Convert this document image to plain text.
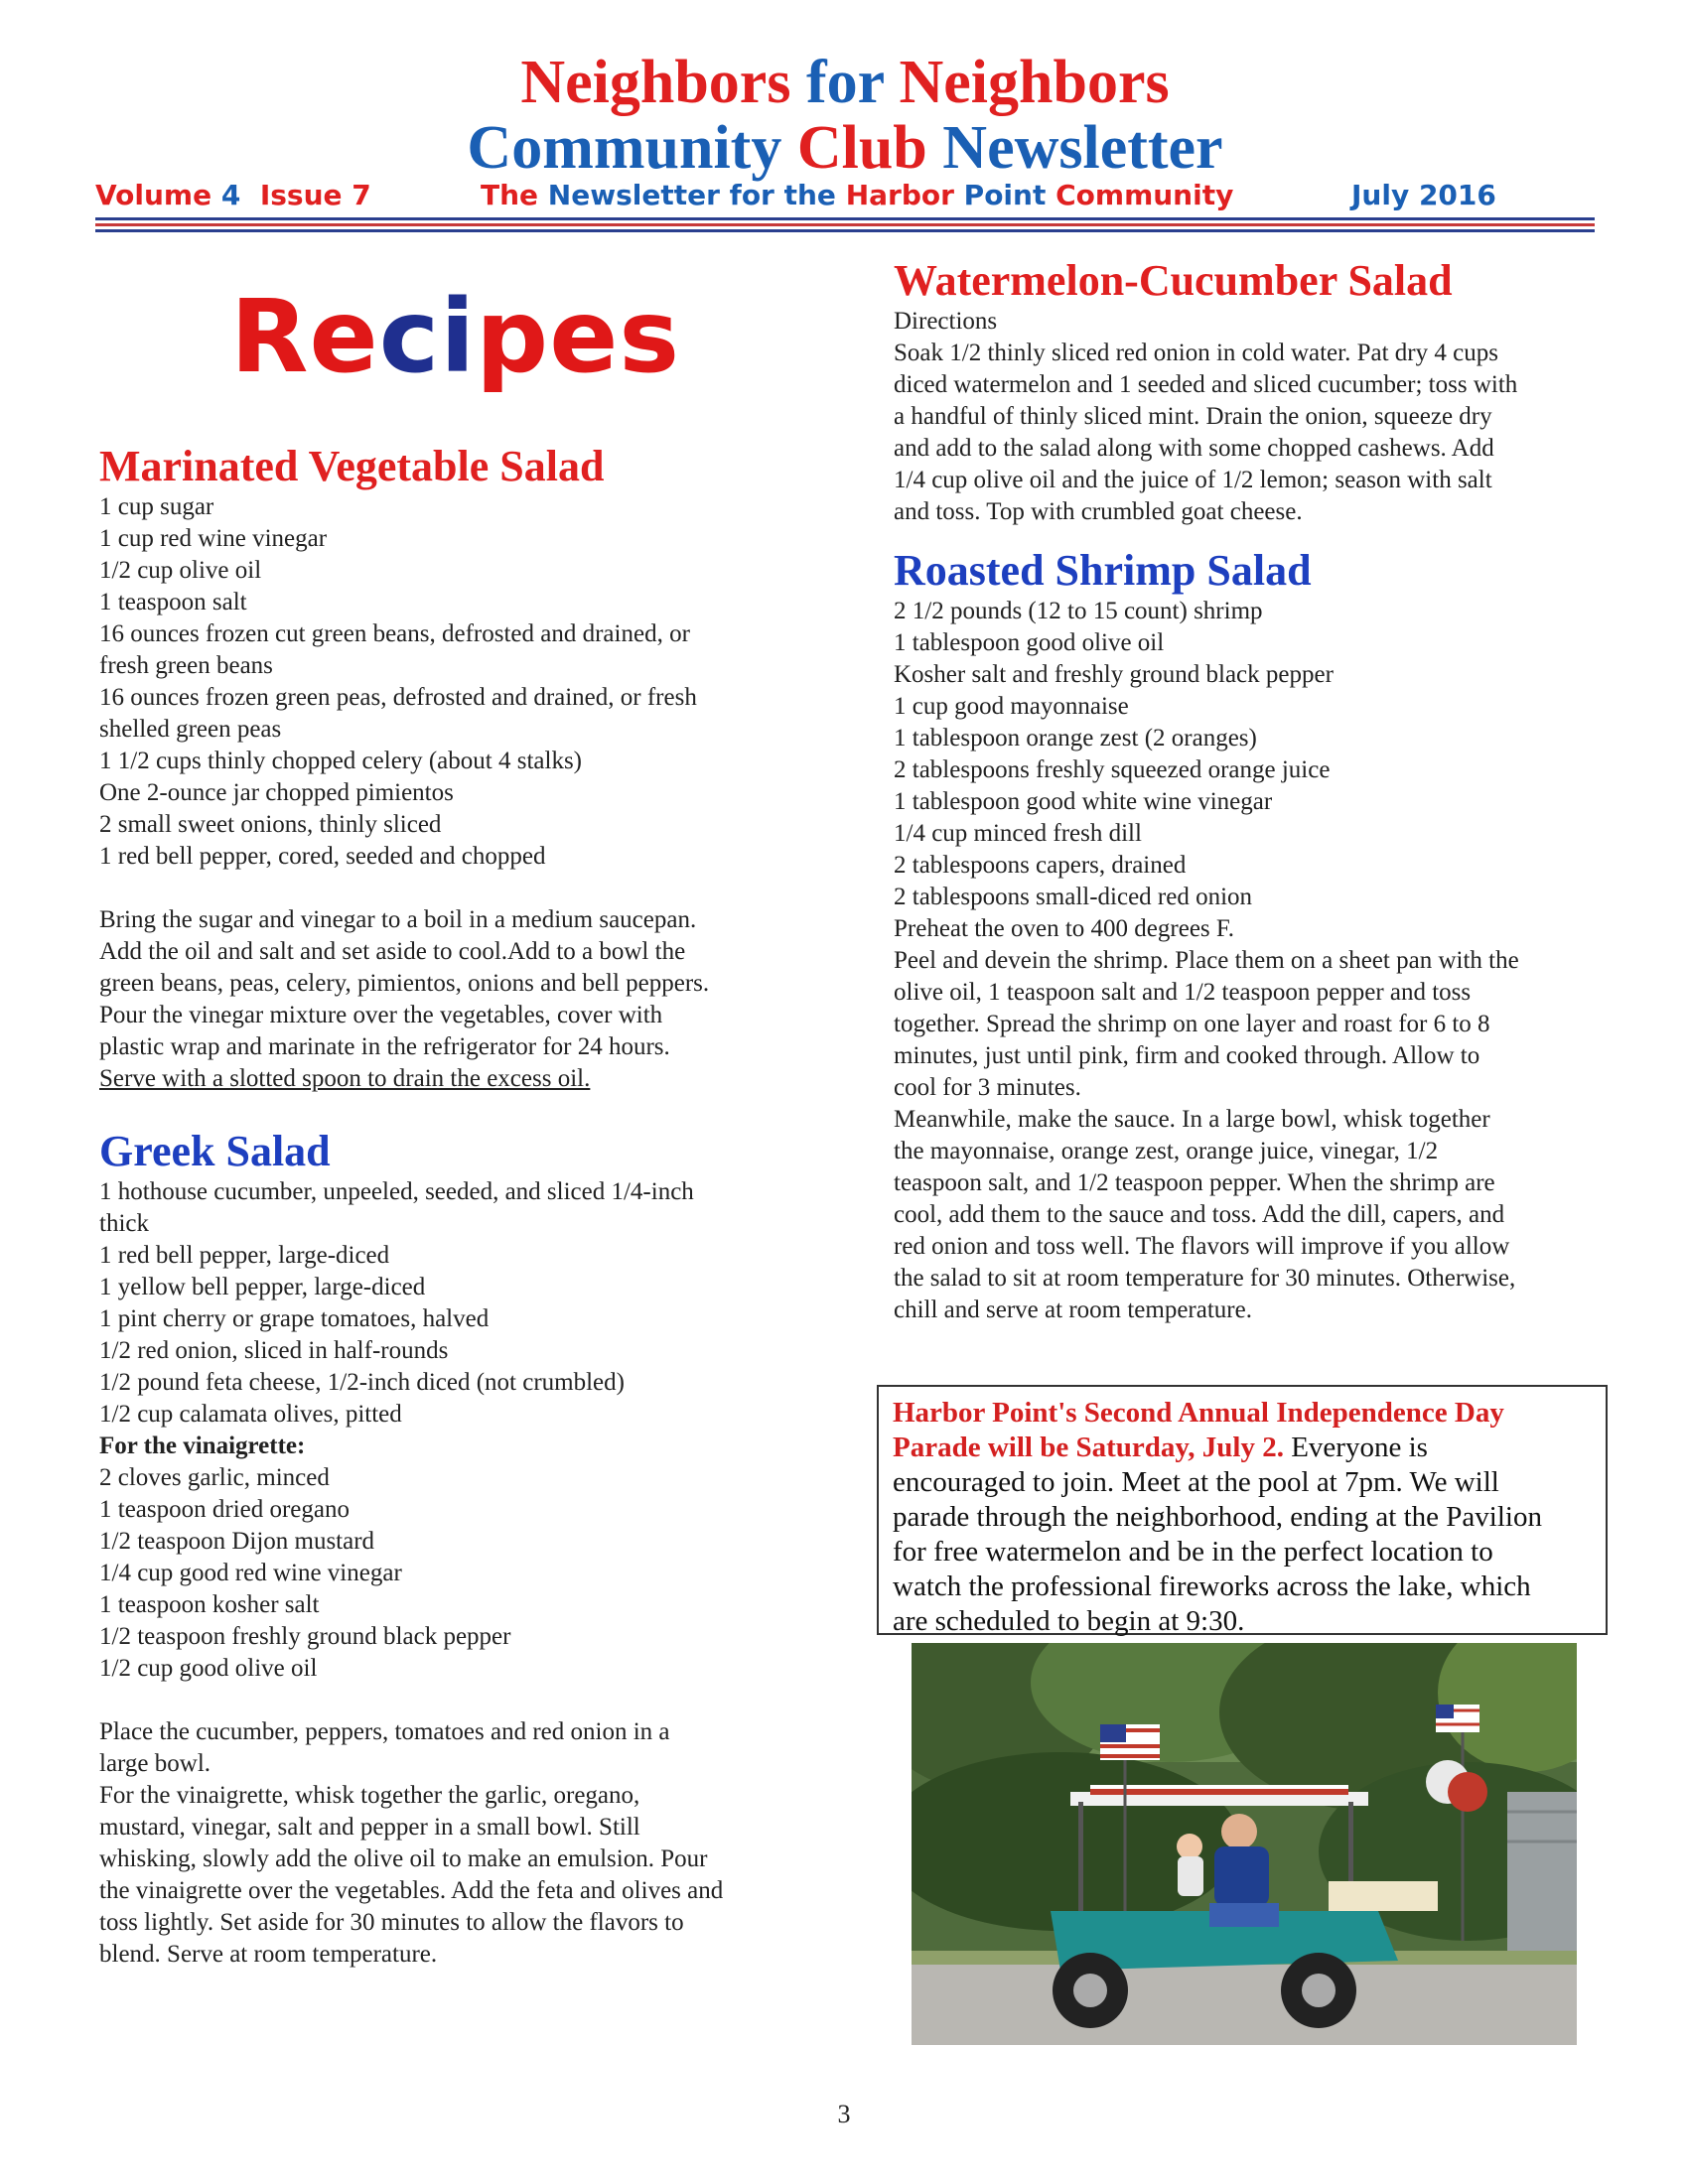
Neighbors for Neighbors
Community Club Newsletter
Volume 4 Issue 7	The Newsletter for the Harbor Point Community	July 2016
Recipes
Marinated Vegetable Salad
1 cup sugar
1 cup red wine vinegar
1/2 cup olive oil
1 teaspoon salt
16 ounces frozen cut green beans, defrosted and drained, or
fresh green beans
16 ounces frozen green peas, defrosted and drained, or fresh
shelled green peas
1 1/2 cups thinly chopped celery (about 4 stalks)
One 2-ounce jar chopped pimientos
2 small sweet onions, thinly sliced
1 red bell pepper, cored, seeded and chopped
Bring the sugar and vinegar to a boil in a medium saucepan.
Add the oil and salt and set aside to cool.Add to a bowl the
green beans, peas, celery, pimientos, onions and bell peppers.
Pour the vinegar mixture over the vegetables, cover with
plastic wrap and marinate in the refrigerator for 24 hours.
Serve with a slotted spoon to drain the excess oil.
Greek Salad
1 hothouse cucumber, unpeeled, seeded, and sliced 1/4-inch
thick
1 red bell pepper, large-diced
1 yellow bell pepper, large-diced
1 pint cherry or grape tomatoes, halved
1/2 red onion, sliced in half-rounds
1/2 pound feta cheese, 1/2-inch diced (not crumbled)
1/2 cup calamata olives, pitted
For the vinaigrette:
2 cloves garlic, minced
1 teaspoon dried oregano
1/2 teaspoon Dijon mustard
1/4 cup good red wine vinegar
1 teaspoon kosher salt
1/2 teaspoon freshly ground black pepper
1/2 cup good olive oil
Place the cucumber, peppers, tomatoes and red onion in a
large bowl.
For the vinaigrette, whisk together the garlic, oregano,
mustard, vinegar, salt and pepper in a small bowl. Still
whisking, slowly add the olive oil to make an emulsion. Pour
the vinaigrette over the vegetables. Add the feta and olives and
toss lightly. Set aside for 30 minutes to allow the flavors to
blend. Serve at room temperature.
Watermelon-Cucumber Salad
Directions
Soak 1/2 thinly sliced red onion in cold water. Pat dry 4 cups
diced watermelon and 1 seeded and sliced cucumber; toss with
a handful of thinly sliced mint. Drain the onion, squeeze dry
and add to the salad along with some chopped cashews. Add
1/4 cup olive oil and the juice of 1/2 lemon; season with salt
and toss. Top with crumbled goat cheese.
Roasted Shrimp Salad
2 1/2 pounds (12 to 15 count) shrimp
1 tablespoon good olive oil
Kosher salt and freshly ground black pepper
1 cup good mayonnaise
1 tablespoon orange zest (2 oranges)
2 tablespoons freshly squeezed orange juice
1 tablespoon good white wine vinegar
1/4 cup minced fresh dill
2 tablespoons capers, drained
2 tablespoons small-diced red onion
Preheat the oven to 400 degrees F.
Peel and devein the shrimp. Place them on a sheet pan with the
olive oil, 1 teaspoon salt and 1/2 teaspoon pepper and toss
together. Spread the shrimp on one layer and roast for 6 to 8
minutes, just until pink, firm and cooked through. Allow to
cool for 3 minutes.
Meanwhile, make the sauce. In a large bowl, whisk together
the mayonnaise, orange zest, orange juice, vinegar, 1/2
teaspoon salt, and 1/2 teaspoon pepper. When the shrimp are
cool, add them to the sauce and toss. Add the dill, capers, and
red onion and toss well. The flavors will improve if you allow
the salad to sit at room temperature for 30 minutes. Otherwise,
chill and serve at room temperature.
Harbor Point's Second Annual Independence Day
Parade will be Saturday, July 2. Everyone is
encouraged to join. Meet at the pool at 7pm. We will
parade through the neighborhood, ending at the Pavilion
for free watermelon and be in the perfect location to
watch the professional fireworks across the lake, which
are scheduled to begin at 9:30.
3
